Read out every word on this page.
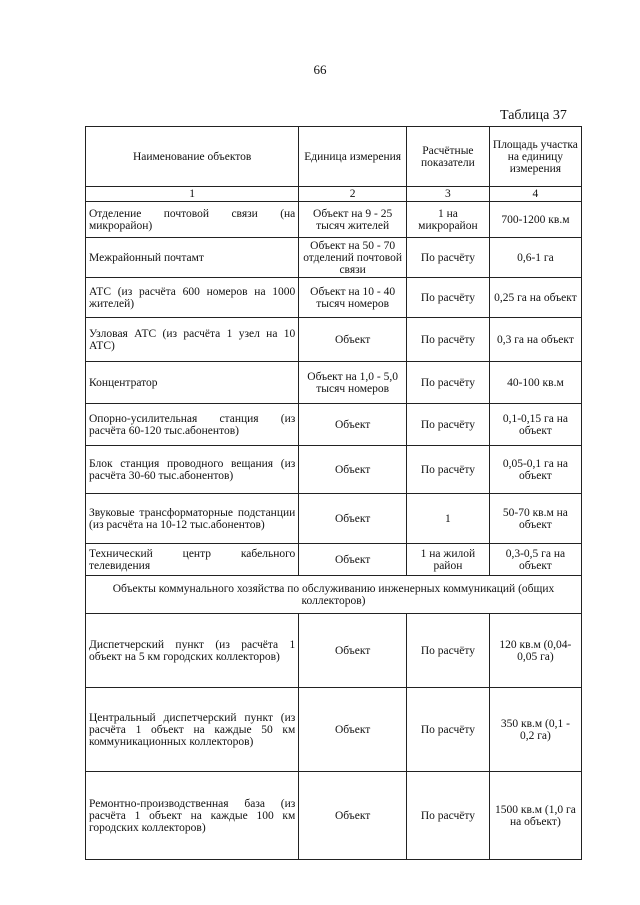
66
Таблица 37
Наименование объектов	Единица измерения	Расчётные показатели	Площадь участка на единицу измерения
1	2	3	4
Отделение почтовой связи (на микрорайон)	Объект на 9 - 25 тысяч жителей	1 на микрорайон	700-1200 кв.м
Межрайонный почтамт	Объект на 50 - 70 отделений почтовой связи	По расчёту	0,6-1 га
АТС (из расчёта 600 номеров на 1000 жителей)	Объект на 10 - 40 тысяч номеров	По расчёту	0,25 га на объект
Узловая АТС (из расчёта 1 узел на 10 АТС)	Объект	По расчёту	0,3 га на объект
Концентратор	Объект на 1,0 - 5,0 тысяч номеров	По расчёту	40-100 кв.м
Опорно-усилительная станция (из расчёта 60-120 тыс.абонентов)	Объект	По расчёту	0,1-0,15 га на объект
Блок станция проводного вещания (из расчёта 30-60 тыс.абонентов)	Объект	По расчёту	0,05-0,1 га на объект
Звуковые трансформаторные подстанции (из расчёта на 10-12 тыс.абонентов)	Объект	1	50-70 кв.м на объект
Технический центр кабельного телевидения	Объект	1 на жилой район	0,3-0,5 га на объект
Объекты коммунального хозяйства по обслуживанию инженерных коммуникаций (общих коллекторов)			
Диспетчерский пункт (из расчёта 1 объект на 5 км городских коллекторов)	Объект	По расчёту	120 кв.м (0,04-0,05 га)
Центральный диспетчерский пункт (из расчёта 1 объект на каждые 50 км коммуникационных коллекторов)	Объект	По расчёту	350 кв.м (0,1 - 0,2 га)
Ремонтно-производственная база (из расчёта 1 объект на каждые 100 км городских коллекторов)	Объект	По расчёту	1500 кв.м (1,0 га на объект)
